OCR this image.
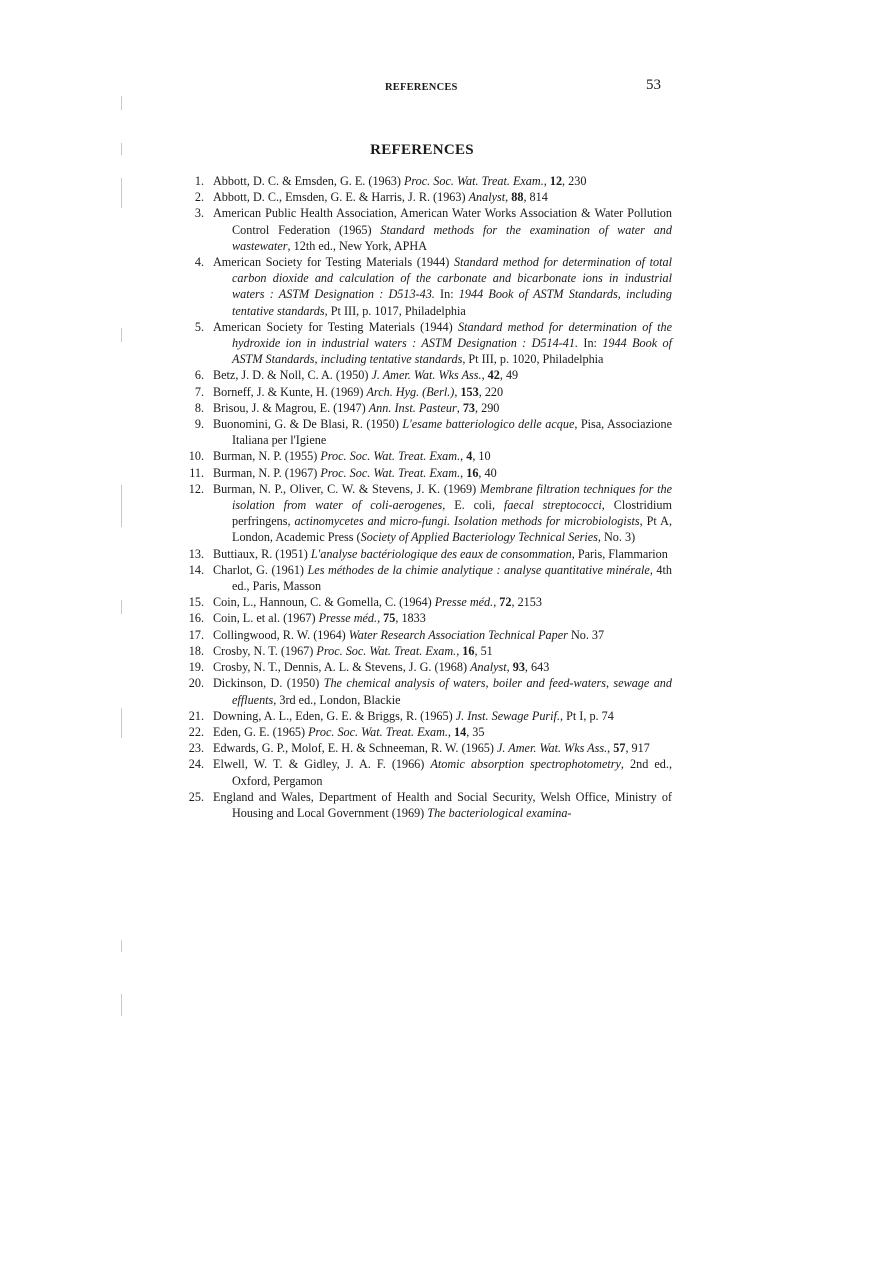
REFERENCES	53
REFERENCES
1. Abbott, D. C. & Emsden, G. E. (1963) Proc. Soc. Wat. Treat. Exam., 12, 230
2. Abbott, D. C., Emsden, G. E. & Harris, J. R. (1963) Analyst, 88, 814
3. American Public Health Association, American Water Works Association & Water Pollution Control Federation (1965) Standard methods for the examination of water and wastewater, 12th ed., New York, APHA
4. American Society for Testing Materials (1944) Standard method for determination of total carbon dioxide and calculation of the carbonate and bicarbonate ions in industrial waters : ASTM Designation : D513-43. In: 1944 Book of ASTM Standards, including tentative standards, Pt III, p. 1017, Philadelphia
5. American Society for Testing Materials (1944) Standard method for determination of the hydroxide ion in industrial waters : ASTM Designation : D514-41. In: 1944 Book of ASTM Standards, including tentative standards, Pt III, p. 1020, Philadelphia
6. Betz, J. D. & Noll, C. A. (1950) J. Amer. Wat. Wks Ass., 42, 49
7. Borneff, J. & Kunte, H. (1969) Arch. Hyg. (Berl.), 153, 220
8. Brisou, J. & Magrou, E. (1947) Ann. Inst. Pasteur, 73, 290
9. Buonomini, G. & De Blasi, R. (1950) L'esame batteriologico delle acque, Pisa, Associazione Italiana per l'Igiene
10. Burman, N. P. (1955) Proc. Soc. Wat. Treat. Exam., 4, 10
11. Burman, N. P. (1967) Proc. Soc. Wat. Treat. Exam., 16, 40
12. Burman, N. P., Oliver, C. W. & Stevens, J. K. (1969) Membrane filtration techniques for the isolation from water of coli-aerogenes, E. coli, faecal streptococci, Clostridium perfringens, actinomycetes and micro-fungi. Isolation methods for microbiologists, Pt A, London, Academic Press (Society of Applied Bacteriology Technical Series, No. 3)
13. Buttiaux, R. (1951) L'analyse bactériologique des eaux de consommation, Paris, Flammarion
14. Charlot, G. (1961) Les méthodes de la chimie analytique : analyse quantitative minérale, 4th ed., Paris, Masson
15. Coin, L., Hannoun, C. & Gomella, C. (1964) Presse méd., 72, 2153
16. Coin, L. et al. (1967) Presse méd., 75, 1833
17. Collingwood, R. W. (1964) Water Research Association Technical Paper No. 37
18. Crosby, N. T. (1967) Proc. Soc. Wat. Treat. Exam., 16, 51
19. Crosby, N. T., Dennis, A. L. & Stevens, J. G. (1968) Analyst, 93, 643
20. Dickinson, D. (1950) The chemical analysis of waters, boiler and feed-waters, sewage and effluents, 3rd ed., London, Blackie
21. Downing, A. L., Eden, G. E. & Briggs, R. (1965) J. Inst. Sewage Purif., Pt I, p. 74
22. Eden, G. E. (1965) Proc. Soc. Wat. Treat. Exam., 14, 35
23. Edwards, G. P., Molof, E. H. & Schneeman, R. W. (1965) J. Amer. Wat. Wks Ass., 57, 917
24. Elwell, W. T. & Gidley, J. A. F. (1966) Atomic absorption spectrophotometry, 2nd ed., Oxford, Pergamon
25. England and Wales, Department of Health and Social Security, Welsh Office, Ministry of Housing and Local Government (1969) The bacteriological examina-
